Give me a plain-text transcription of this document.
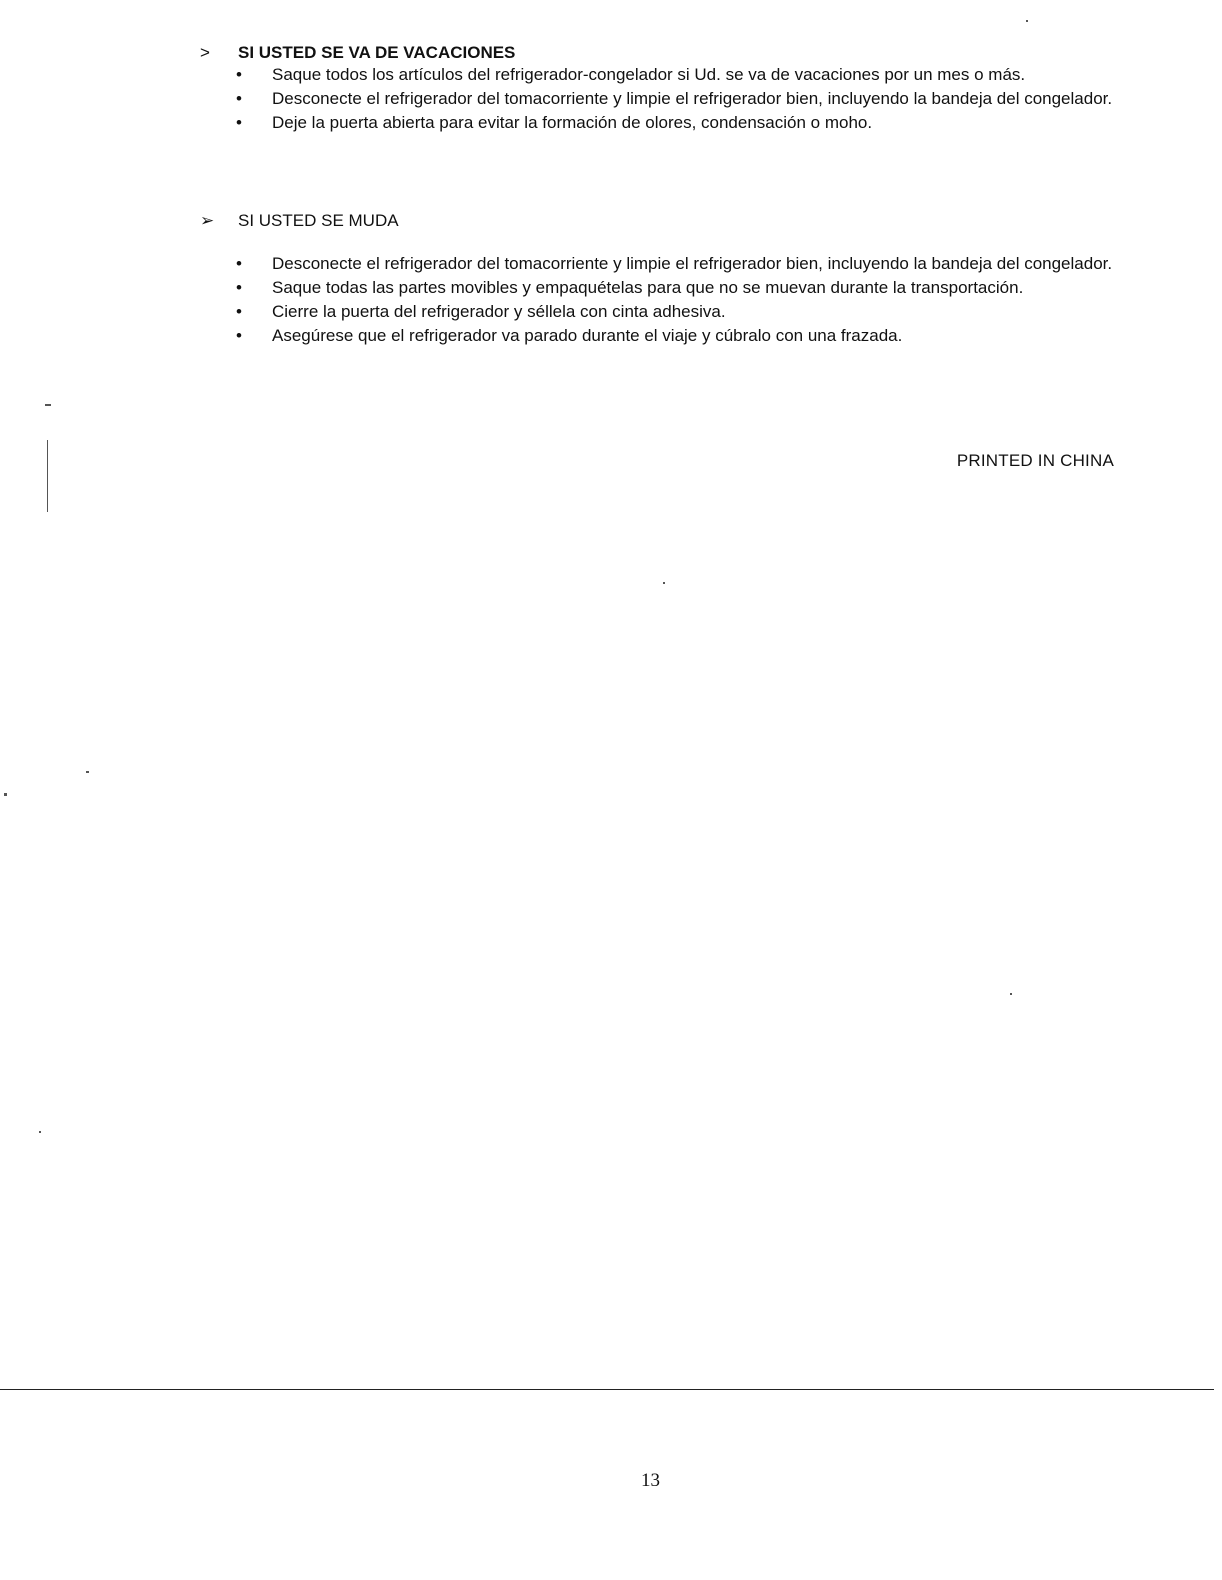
> SI USTED SE VA DE VACACIONES
• Saque todos los artículos del refrigerador-congelador si Ud. se va de vacaciones por un mes o más.
• Desconecte el refrigerador del tomacorriente y limpie el refrigerador bien, incluyendo la bandeja del congelador.
• Deje la puerta abierta para evitar la formación de olores, condensación o moho.
➢ SI USTED SE MUDA
• Desconecte el refrigerador del tomacorriente y limpie el refrigerador bien, incluyendo la bandeja del congelador.
• Saque todas las partes movibles y empaquételas para que no se muevan durante la transportación.
• Cierre la puerta del refrigerador y séllela con cinta adhesiva.
• Asegúrese que el refrigerador va parado durante el viaje y cúbralo con una frazada.
PRINTED IN CHINA
13
